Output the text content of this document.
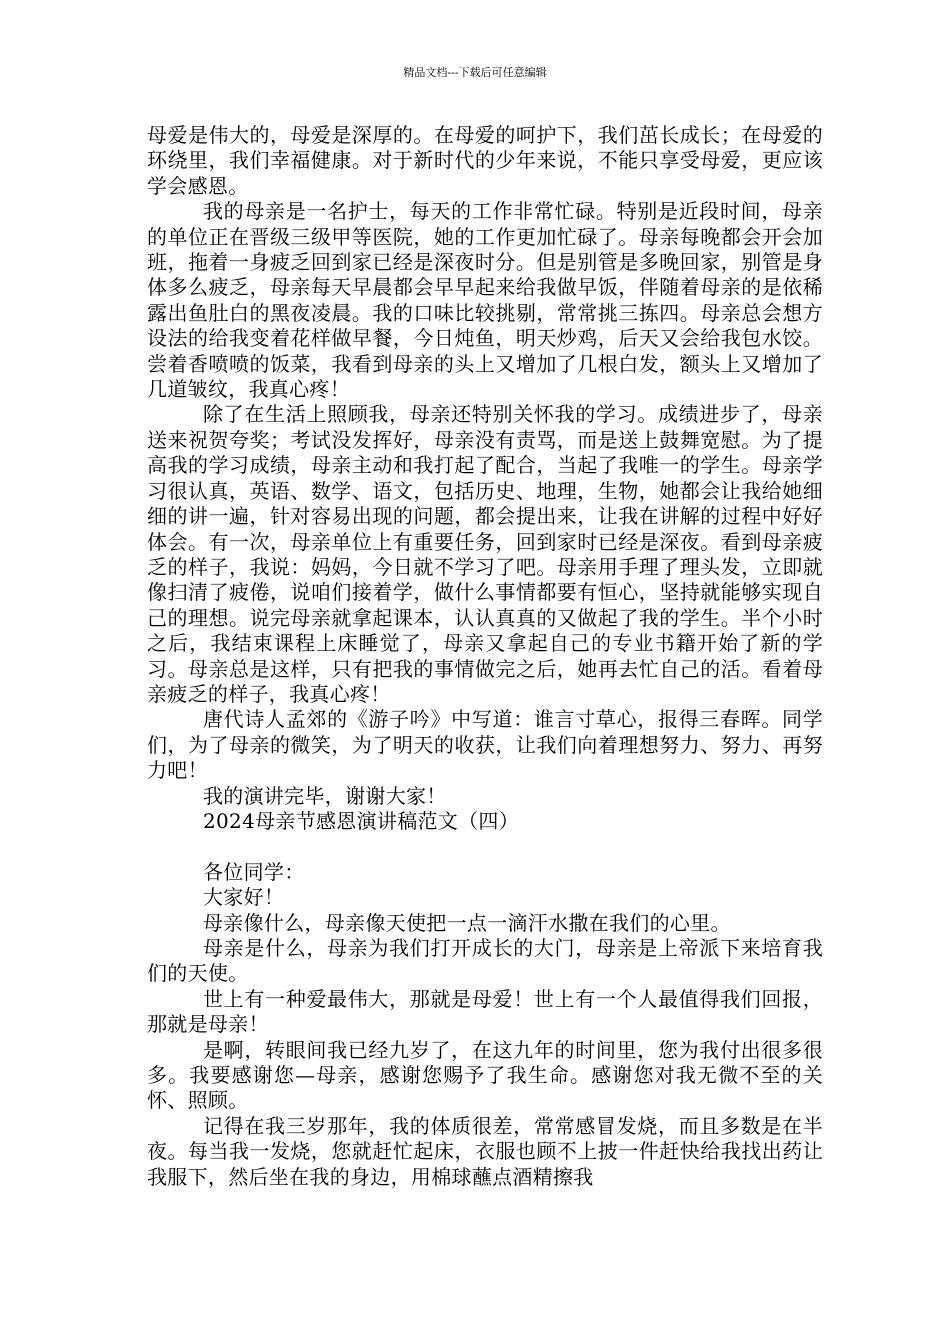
精品文档---下载后可任意编辑

母爱是伟大的，母爱是深厚的。在母爱的呵护下，我们茁长成长；在母爱的环绕里，我们幸福健康。对于新时代的少年来说，不能只享受母爱，更应该学会感恩。

我的母亲是一名护士，每天的工作非常忙碌。特别是近段时间，母亲的单位正在晋级三级甲等医院，她的工作更加忙碌了。母亲每晚都会开会加班，拖着一身疲乏回到家已经是深夜时分。但是别管是多晚回家，别管是身体多么疲乏，母亲每天早晨都会早早起来给我做早饭，伴随着母亲的是依稀露出鱼肚白的黑夜凌晨。我的口味比较挑剔，常常挑三拣四。母亲总会想方设法的给我变着花样做早餐，今日炖鱼，明天炒鸡，后天又会给我包水饺。尝着香喷喷的饭菜，我看到母亲的头上又增加了几根白发，额头上又增加了几道皱纹，我真心疼！

除了在生活上照顾我，母亲还特别关怀我的学习。成绩进步了，母亲送来祝贺夸奖；考试没发挥好，母亲没有责骂，而是送上鼓舞宽慰。为了提高我的学习成绩，母亲主动和我打起了配合，当起了我唯一的学生。母亲学习很认真，英语、数学、语文，包括历史、地理，生物，她都会让我给她细细的讲一遍，针对容易出现的问题，都会提出来，让我在讲解的过程中好好体会。有一次，母亲单位上有重要任务，回到家时已经是深夜。看到母亲疲乏的样子，我说：妈妈，今日就不学习了吧。母亲用手理了理头发，立即就像扫清了疲倦，说咱们接着学，做什么事情都要有恒心，坚持就能够实现自己的理想。说完母亲就拿起课本，认认真真的又做起了我的学生。半个小时之后，我结束课程上床睡觉了，母亲又拿起自己的专业书籍开始了新的学习。母亲总是这样，只有把我的事情做完之后，她再去忙自己的活。看着母亲疲乏的样子，我真心疼！

唐代诗人孟郊的《游子吟》中写道：谁言寸草心，报得三春晖。同学们，为了母亲的微笑，为了明天的收获，让我们向着理想努力、努力、再努力吧！

我的演讲完毕，谢谢大家！

2024母亲节感恩演讲稿范文（四）

各位同学：

大家好！

母亲像什么，母亲像天使把一点一滴汗水撒在我们的心里。

母亲是什么，母亲为我们打开成长的大门，母亲是上帝派下来培育我们的天使。

世上有一种爱最伟大，那就是母爱！世上有一个人最值得我们回报，那就是母亲！

是啊，转眼间我已经九岁了，在这九年的时间里，您为我付出很多很多。我要感谢您—母亲，感谢您赐予了我生命。感谢您对我无微不至的关怀、照顾。

记得在我三岁那年，我的体质很差，常常感冒发烧，而且多数是在半夜。每当我一发烧，您就赶忙起床，衣服也顾不上披一件赶快给我找出药让我服下，然后坐在我的身边，用棉球蘸点酒精擦我
